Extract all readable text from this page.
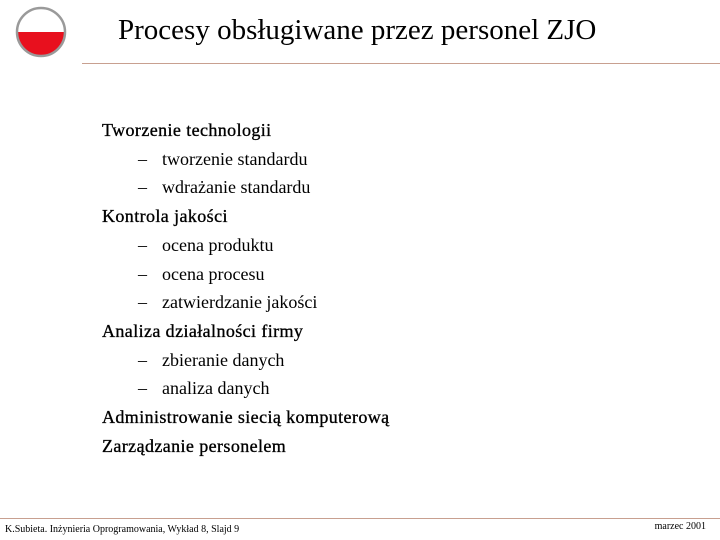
Procesy obsługiwane przez personel ZJO
Tworzenie technologii
– tworzenie standardu
– wdrażanie standardu
Kontrola jakości
– ocena produktu
– ocena procesu
– zatwierdzanie jakości
Analiza działalności firmy
– zbieranie danych
– analiza danych
Administrowanie siecią komputerową
Zarządzanie personelem
K.Subieta. Inżynieria Oprogramowania, Wykład 8, Slajd 9	marzec 2001
